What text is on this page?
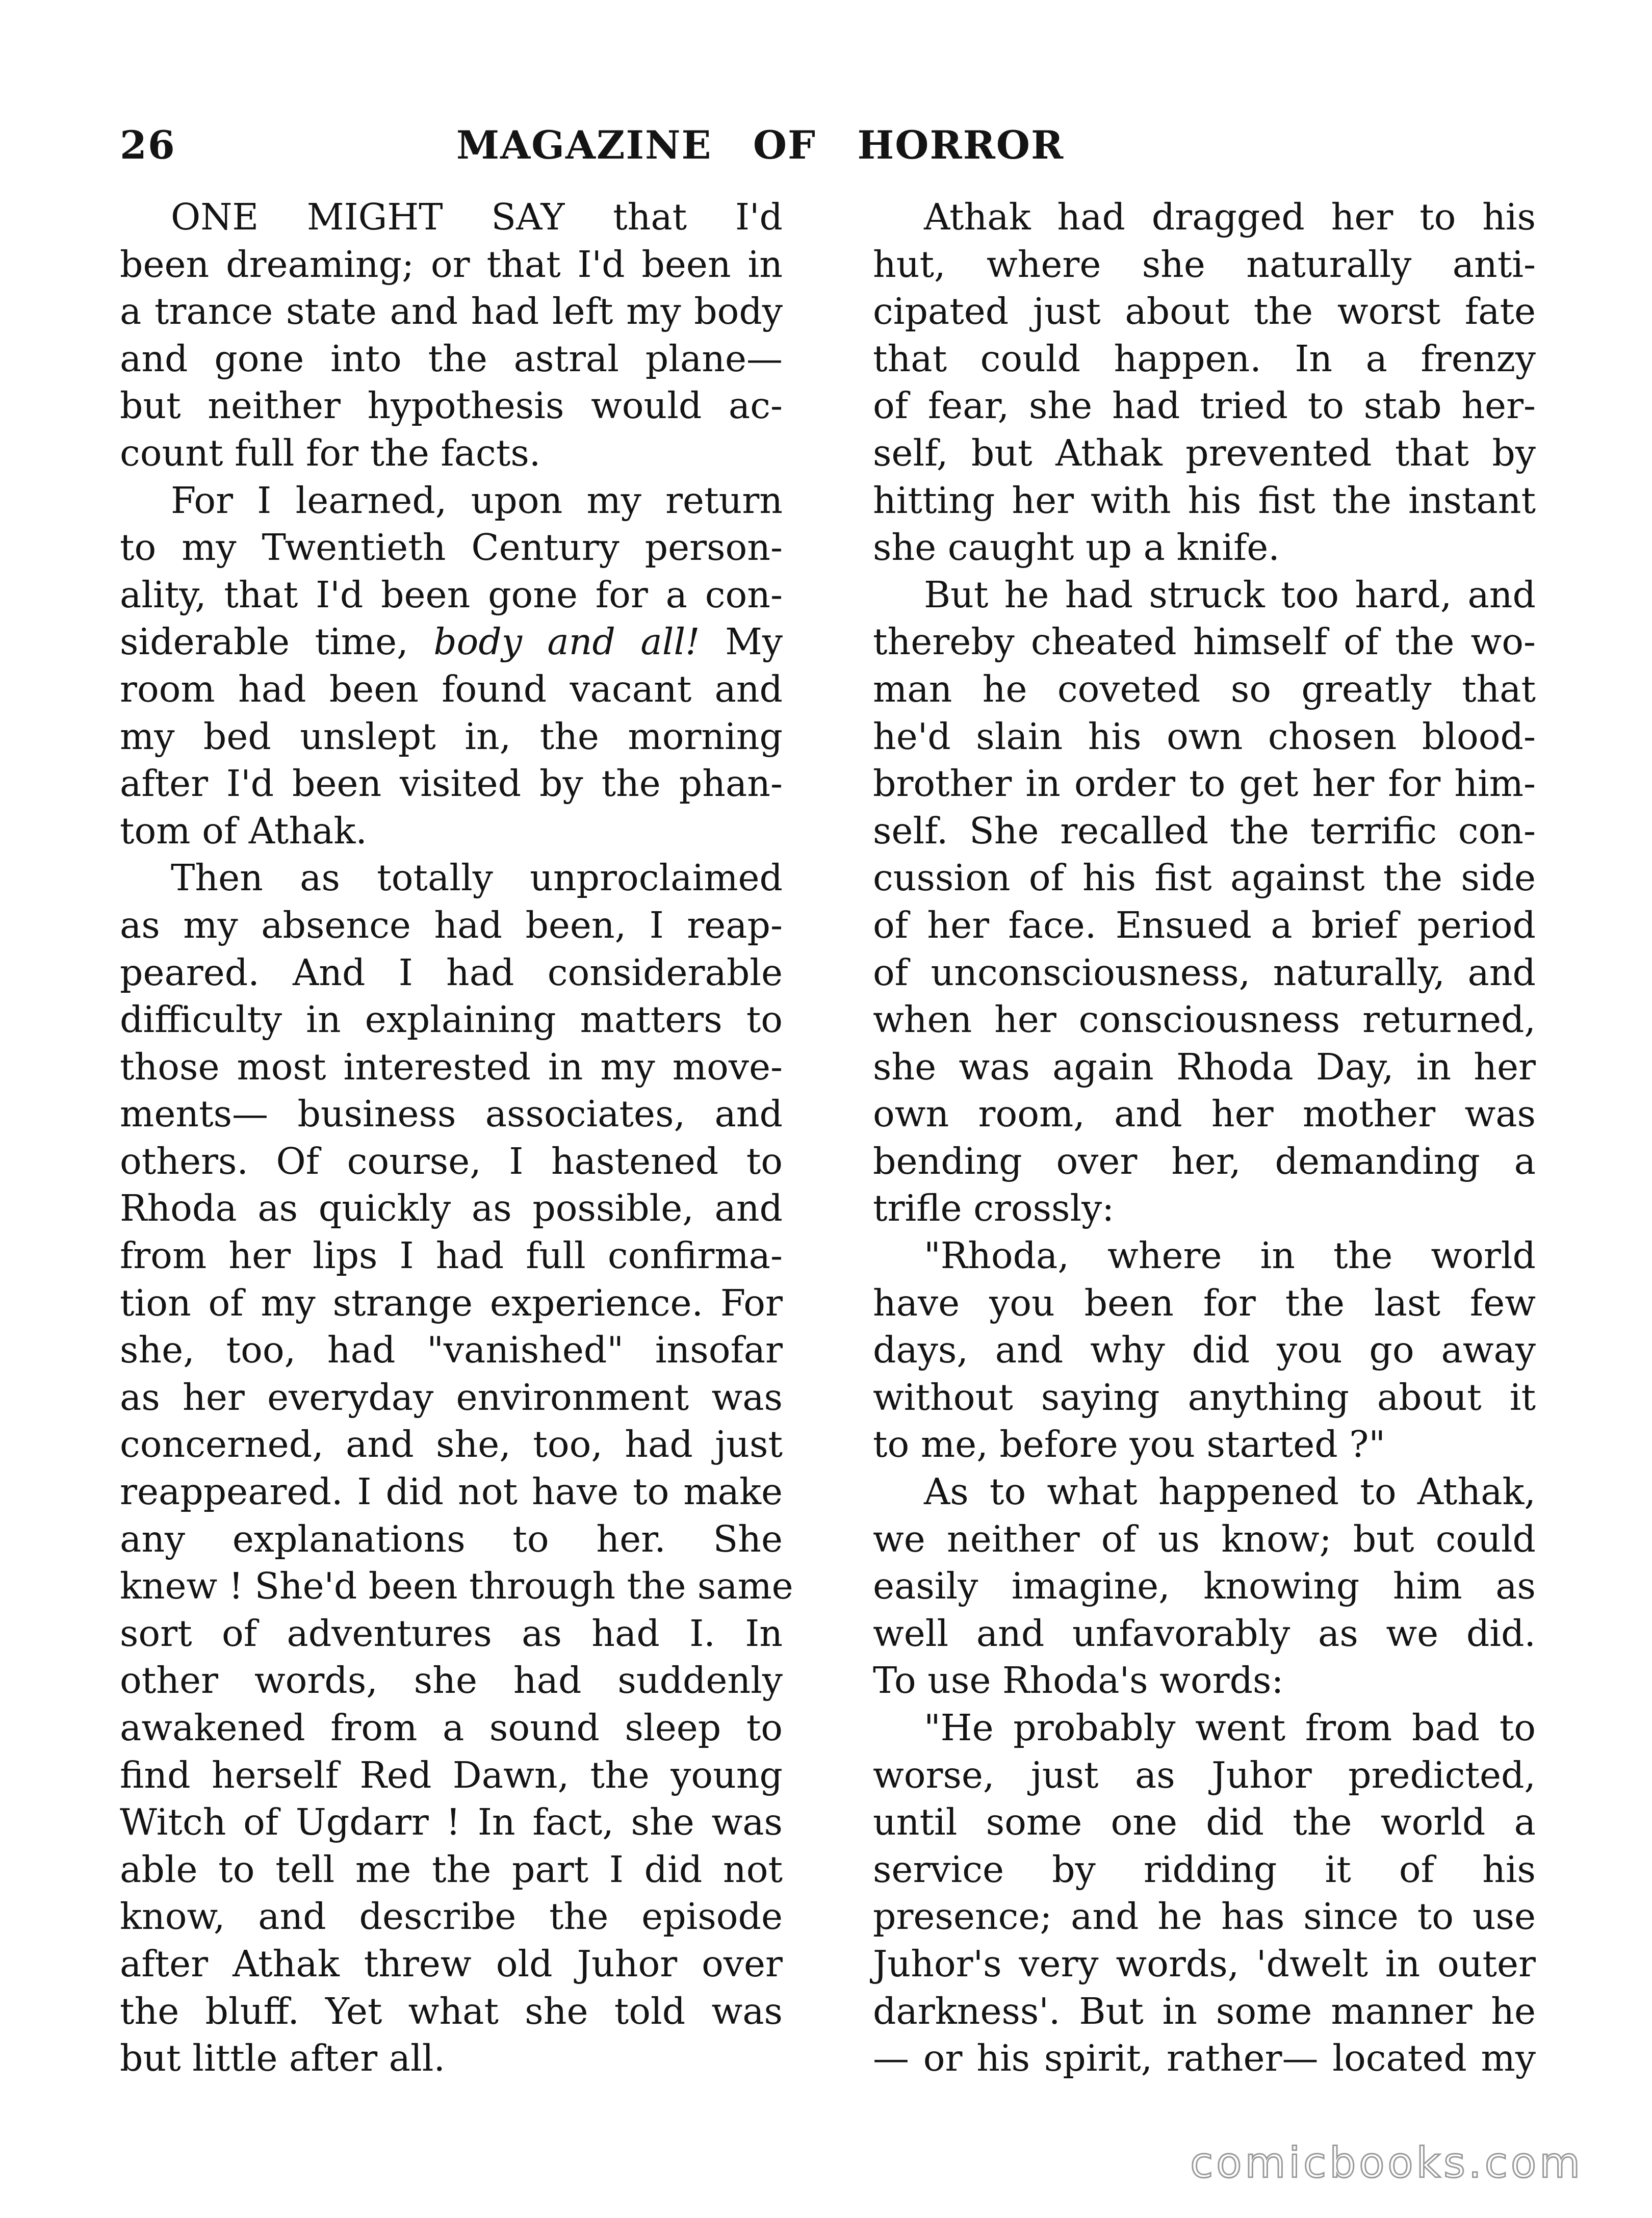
26	MAGAZINE OF HORROR
ONE MIGHT SAY that I'd
been dreaming; or that I'd been in
a trance state and had left my body
and gone into the astral plane—
but neither hypothesis would ac-
count full for the facts.
For I learned, upon my return
to my Twentieth Century person-
ality, that I'd been gone for a con-
siderable time, body and all! My
room had been found vacant and
my bed unslept in, the morning
after I'd been visited by the phan-
tom of Athak.
Then as totally unproclaimed
as my absence had been, I reap-
peared. And I had considerable
difficulty in explaining matters to
those most interested in my move-
ments— business associates, and
others. Of course, I hastened to
Rhoda as quickly as possible, and
from her lips I had full confirma-
tion of my strange experience. For
she, too, had "vanished" insofar
as her everyday environment was
concerned, and she, too, had just
reappeared. I did not have to make
any explanations to her. She
knew ! She'd been through the same
sort of adventures as had I. In
other words, she had suddenly
awakened from a sound sleep to
find herself Red Dawn, the young
Witch of Ugdarr ! In fact, she was
able to tell me the part I did not
know, and describe the episode
after Athak threw old Juhor over
the bluff. Yet what she told was
but little after all.
Athak had dragged her to his
hut, where she naturally anti-
cipated just about the worst fate
that could happen. In a frenzy
of fear, she had tried to stab her-
self, but Athak prevented that by
hitting her with his fist the instant
she caught up a knife.
But he had struck too hard, and
thereby cheated himself of the wo-
man he coveted so greatly that
he'd slain his own chosen blood-
brother in order to get her for him-
self. She recalled the terrific con-
cussion of his fist against the side
of her face. Ensued a brief period
of unconsciousness, naturally, and
when her consciousness returned,
she was again Rhoda Day, in her
own room, and her mother was
bending over her, demanding a
trifle crossly:
"Rhoda, where in the world
have you been for the last few
days, and why did you go away
without saying anything about it
to me, before you started ?"
As to what happened to Athak,
we neither of us know; but could
easily imagine, knowing him as
well and unfavorably as we did.
To use Rhoda's words:
"He probably went from bad to
worse, just as Juhor predicted,
until some one did the world a
service by ridding it of his
presence; and he has since to use
Juhor's very words, 'dwelt in outer
darkness'. But in some manner he
— or his spirit, rather— located my
comicbooks.com
